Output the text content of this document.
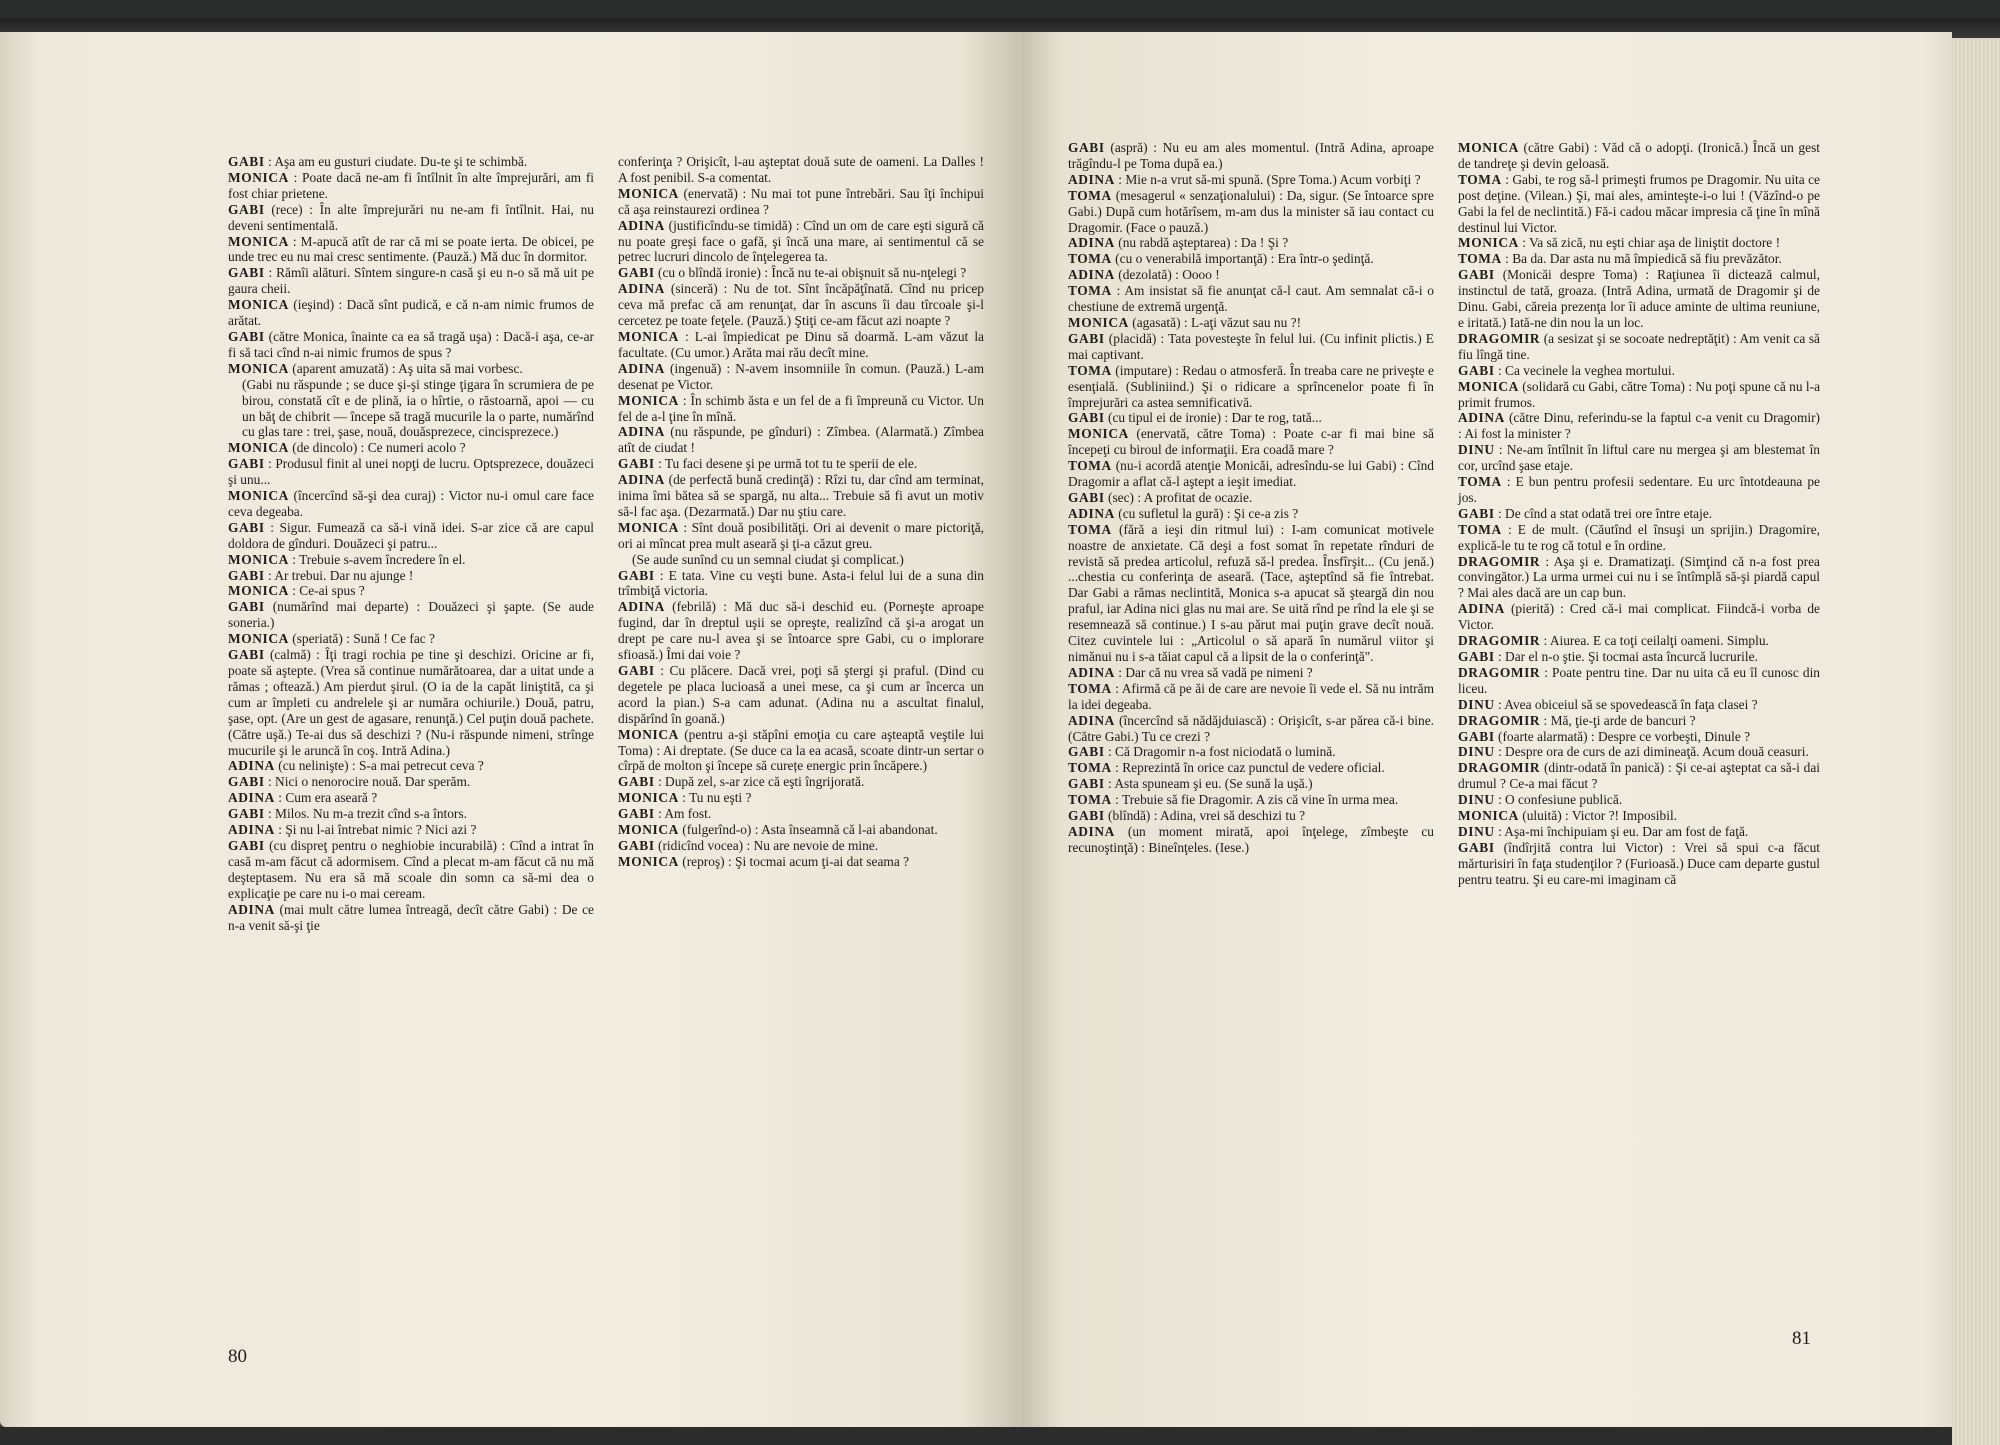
GABI : Aşa am eu gusturi ciudate. Du-te şi te schimbă.

MONICA : Poate dacă ne-am fi întîlnit în alte împrejurări, am fi fost chiar prietene.

GABI (rece) : În alte împrejurări nu ne-am fi întîlnit. Hai, nu deveni sentimentală.

MONICA : M-apucă atît de rar că mi se poate ierta. De obicei, pe unde trec eu nu mai cresc sentimente. (Pauză.) Mă duc în dormitor.

GABI : Rămîi alături. Sîntem singure-n casă şi eu n-o să mă uit pe gaura cheii.

MONICA (ieşind) : Dacă sînt pudică, e că n-am nimic frumos de arătat.

GABI (către Monica, înainte ca ea să tragă uşa) : Dacă-i aşa, ce-ar fi să taci cînd n-ai nimic frumos de spus ?

MONICA (aparent amuzată) : Aş uita să mai vorbesc.

(Gabi nu răspunde ; se duce şi-şi stinge ţigara în scrumiera de pe birou, constată cît e de plină, ia o hîrtie, o răstoarnă, apoi — cu un băţ de chibrit — începe să tragă mucurile la o parte, numărînd cu glas tare : trei, şase, nouă, douăsprezece, cincisprezece.)

MONICA (de dincolo) : Ce numeri acolo ?

GABI : Produsul finit al unei nopţi de lucru. Optsprezece, douăzeci şi unu...

MONICA (încercînd să-şi dea curaj) : Victor nu-i omul care face ceva degeaba.

GABI : Sigur. Fumează ca să-i vină idei. S-ar zice că are capul doldora de gînduri. Douăzeci şi patru...

MONICA : Trebuie s-avem încredere în el.

GABI : Ar trebui. Dar nu ajunge !

MONICA : Ce-ai spus ?

GABI (numărînd mai departe) : Douăzeci şi şapte. (Se aude soneria.)

MONICA (speriată) : Sună ! Ce fac ?

GABI (calmă) : Îţi tragi rochia pe tine şi deschizi. Oricine ar fi, poate să aştepte. (Vrea să continue numărătoarea, dar a uitat unde a rămas ; oftează.) Am pierdut şirul. (O ia de la capăt liniştită, ca şi cum ar împleti cu andrelele şi ar număra ochiurile.) Două, patru, şase, opt. (Are un gest de agasare, renunţă.) Cel puţin două pachete. (Către uşă.) Te-ai dus să deschizi ? (Nu-i răspunde nimeni, strînge mucurile şi le aruncă în coş. Intră Adina.)

ADINA (cu nelinişte) : S-a mai petrecut ceva ?

GABI : Nici o nenorocire nouă. Dar sperăm.

ADINA : Cum era aseară ?

GABI : Milos. Nu m-a trezit cînd s-a întors.

ADINA : Şi nu l-ai întrebat nimic ? Nici azi ?

GABI (cu dispreţ pentru o neghiobie incurabilă) : Cînd a intrat în casă m-am făcut că adormisem. Cînd a plecat m-am făcut că nu mă deşteptasem. Nu era să mă scoale din somn ca să-mi dea o explicaţie pe care nu i-o mai ceream.

ADINA (mai mult către lumea întreagă, decît către Gabi) : De ce n-a venit să-şi ţie

conferinţa ? Orişicît, l-au aşteptat două sute de oameni. La Dalles ! A fost penibil. S-a comentat.

MONICA (enervată) : Nu mai tot pune întrebări. Sau îţi închipui că aşa reinstaurezi ordinea ?

ADINA (justificîndu-se timidă) : Cînd un om de care eşti sigură că nu poate greşi face o gafă, şi încă una mare, ai sentimentul că se petrec lucruri dincolo de înţelegerea ta.

GABI (cu o blîndă ironie) : Încă nu te-ai obişnuit să nu-nţelegi ?

ADINA (sinceră) : Nu de tot. Sînt încăpăţînată. Cînd nu pricep ceva mă prefac că am renunţat, dar în ascuns îi dau tîrcoale şi-l cercetez pe toate feţele. (Pauză.) Ştiţi ce-am făcut azi noapte ?

MONICA : L-ai împiedicat pe Dinu să doarmă. L-am văzut la facultate. (Cu umor.) Arăta mai rău decît mine.

ADINA (ingenuă) : N-avem insomniile în comun. (Pauză.) L-am desenat pe Victor.

MONICA : În schimb ăsta e un fel de a fi împreună cu Victor. Un fel de a-l ţine în mînă.

ADINA (nu răspunde, pe gînduri) : Zîmbea. (Alarmată.) Zîmbea atît de ciudat !

GABI : Tu faci desene şi pe urmă tot tu te sperii de ele.

ADINA (de perfectă bună credinţă) : Rîzi tu, dar cînd am terminat, inima îmi bătea să se spargă, nu alta... Trebuie să fi avut un motiv să-l fac aşa. (Dezarmată.) Dar nu ştiu care.

MONICA : Sînt două posibilităţi. Ori ai devenit o mare pictoriţă, ori ai mîncat prea mult aseară şi ţi-a căzut greu.

(Se aude sunînd cu un semnal ciudat şi complicat.)

GABI : E tata. Vine cu veşti bune. Asta-i felul lui de a suna din trîmbiţă victoria.

ADINA (febrilă) : Mă duc să-i deschid eu. (Porneşte aproape fugind, dar în dreptul uşii se opreşte, realizînd că şi-a arogat un drept pe care nu-l avea şi se întoarce spre Gabi, cu o implorare sfioasă.) Îmi dai voie ?

GABI : Cu plăcere. Dacă vrei, poţi să ştergi şi praful. (Dind cu degetele pe placa lucioasă a unei mese, ca şi cum ar încerca un acord la pian.) S-a cam adunat. (Adina nu a ascultat finalul, dispărînd în goană.)

MONICA (pentru a-şi stăpîni emoţia cu care aşteaptă veştile lui Toma) : Ai dreptate. (Se duce ca la ea acasă, scoate dintr-un sertar o cîrpă de molton şi începe să curețe energic prin încăpere.)

GABI : După zel, s-ar zice că eşti îngrijorată.

MONICA : Tu nu eşti ?

GABI : Am fost.

MONICA (fulgerînd-o) : Asta înseamnă că l-ai abandonat.

GABI (ridicînd vocea) : Nu are nevoie de mine.

MONICA (reproş) : Şi tocmai acum ţi-ai dat seama ?

80

GABI (aspră) : Nu eu am ales momentul. (Intră Adina, aproape trăgîndu-l pe Toma după ea.)

ADINA : Mie n-a vrut să-mi spună. (Spre Toma.) Acum vorbiţi ?

TOMA (mesagerul « senzaţionalului) : Da, sigur. (Se întoarce spre Gabi.) După cum hotărîsem, m-am dus la minister să iau contact cu Dragomir. (Face o pauză.)

ADINA (nu rabdă aşteptarea) : Da ! Şi ?

TOMA (cu o venerabilă importanţă) : Era într-o şedinţă.

ADINA (dezolată) : Oooo !

TOMA : Am insistat să fie anunţat că-l caut. Am semnalat că-i o chestiune de extremă urgenţă.

MONICA (agasată) : L-aţi văzut sau nu ?!

GABI (placidă) : Tata povesteşte în felul lui. (Cu infinit plictis.) E mai captivant.

TOMA (imputare) : Redau o atmosferă. În treaba care ne priveşte e esenţială. (Subliniind.) Şi o ridicare a sprîncenelor poate fi în împrejurări ca astea semnificativă.

GABI (cu tipul ei de ironie) : Dar te rog, tată...

MONICA (enervată, către Toma) : Poate c-ar fi mai bine să începeţi cu biroul de informaţii. Era coadă mare ?

TOMA (nu-i acordă atenţie Monicăi, adresîndu-se lui Gabi) : Cînd Dragomir a aflat că-l aştept a ieşit imediat.

GABI (sec) : A profitat de ocazie.

ADINA (cu sufletul la gură) : Şi ce-a zis ?

TOMA (fără a ieşi din ritmul lui) : I-am comunicat motivele noastre de anxietate. Că deşi a fost somat în repetate rînduri de revistă să predea articolul, refuză să-l predea. Însfîrşit... (Cu jenă.) ...chestia cu conferinţa de aseară. (Tace, aşteptînd să fie întrebat. Dar Gabi a rămas neclintită, Monica s-a apucat să şteargă din nou praful, iar Adina nici glas nu mai are. Se uită rînd pe rînd la ele şi se resemnează să continue.) I s-au părut mai puţin grave decît nouă. Citez cuvintele lui : „Articolul o să apară în numărul viitor şi nimănui nu i s-a tăiat capul că a lipsit de la o conferinţă".

ADINA : Dar că nu vrea să vadă pe nimeni ?

TOMA : Afirmă că pe ăi de care are nevoie îi vede el. Să nu intrăm la idei degeaba.

ADINA (încercînd să nădăjduiască) : Orişicît, s-ar părea că-i bine. (Către Gabi.) Tu ce crezi ?

GABI : Că Dragomir n-a fost niciodată o lumină.

TOMA : Reprezintă în orice caz punctul de vedere oficial.

GABI : Asta spuneam şi eu. (Se sună la uşă.)

TOMA : Trebuie să fie Dragomir. A zis că vine în urma mea.

GABI (blîndă) : Adina, vrei să deschizi tu ?

ADINA (un moment mirată, apoi înţelege, zîmbeşte cu recunoştinţă) : Bineînţeles. (Iese.)

MONICA (către Gabi) : Văd că o adopţi. (Ironică.) Încă un gest de tandreţe şi devin geloasă.

TOMA : Gabi, te rog să-l primeşti frumos pe Dragomir. Nu uita ce post deţine. (Vilean.) Şi, mai ales, aminteşte-i-o lui ! (Văzînd-o pe Gabi la fel de neclintită.) Fă-i cadou măcar impresia că ţine în mînă destinul lui Victor.

MONICA : Va să zică, nu eşti chiar aşa de liniştit doctore !

TOMA : Ba da. Dar asta nu mă împiedică să fiu prevăzător.

GABI (Monicăi despre Toma) : Raţiunea îi dictează calmul, instinctul de tată, groaza. (Intră Adina, urmată de Dragomir şi de Dinu. Gabi, căreia prezenţa lor îi aduce aminte de ultima reuniune, e iritată.) Iată-ne din nou la un loc.

DRAGOMIR (a sesizat şi se socoate nedreptăţit) : Am venit ca să fiu lîngă tine.

GABI : Ca vecinele la veghea mortului.

MONICA (solidară cu Gabi, către Toma) : Nu poţi spune că nu l-a primit frumos.

ADINA (către Dinu, referindu-se la faptul c-a venit cu Dragomir) : Ai fost la minister ?

DINU : Ne-am întîlnit în liftul care nu mergea şi am blestemat în cor, urcînd şase etaje.

TOMA : E bun pentru profesii sedentare. Eu urc întotdeauna pe jos.

GABI : De cînd a stat odată trei ore între etaje.

TOMA : E de mult. (Căutînd el însuşi un sprijin.) Dragomire, explică-le tu te rog că totul e în ordine.

DRAGOMIR : Aşa şi e. Dramatizaţi. (Simţind că n-a fost prea convingător.) La urma urmei cui nu i se întîmplă să-şi piardă capul ? Mai ales dacă are un cap bun.

ADINA (pierită) : Cred că-i mai complicat. Fiindcă-i vorba de Victor.

DRAGOMIR : Aiurea. E ca toţi ceilalţi oameni. Simplu.

GABI : Dar el n-o ştie. Şi tocmai asta încurcă lucrurile.

DRAGOMIR : Poate pentru tine. Dar nu uita că eu îl cunosc din liceu.

DINU : Avea obiceiul să se spovedească în faţa clasei ?

DRAGOMIR : Mă, ţie-ţi arde de bancuri ?

GABI (foarte alarmată) : Despre ce vorbeşti, Dinule ?

DINU : Despre ora de curs de azi dimineaţă. Acum două ceasuri.

DRAGOMIR (dintr-odată în panică) : Şi ce-ai aşteptat ca să-i dai drumul ? Ce-a mai făcut ?

DINU : O confesiune publică.

MONICA (uluită) : Victor ?! Imposibil.

DINU : Aşa-mi închipuiam şi eu. Dar am fost de faţă.

GABI (îndîrjită contra lui Victor) : Vrei să spui c-a făcut mărturisiri în faţa studenţilor ? (Furioasă.) Duce cam departe gustul pentru teatru. Şi eu care-mi imaginam că

81
